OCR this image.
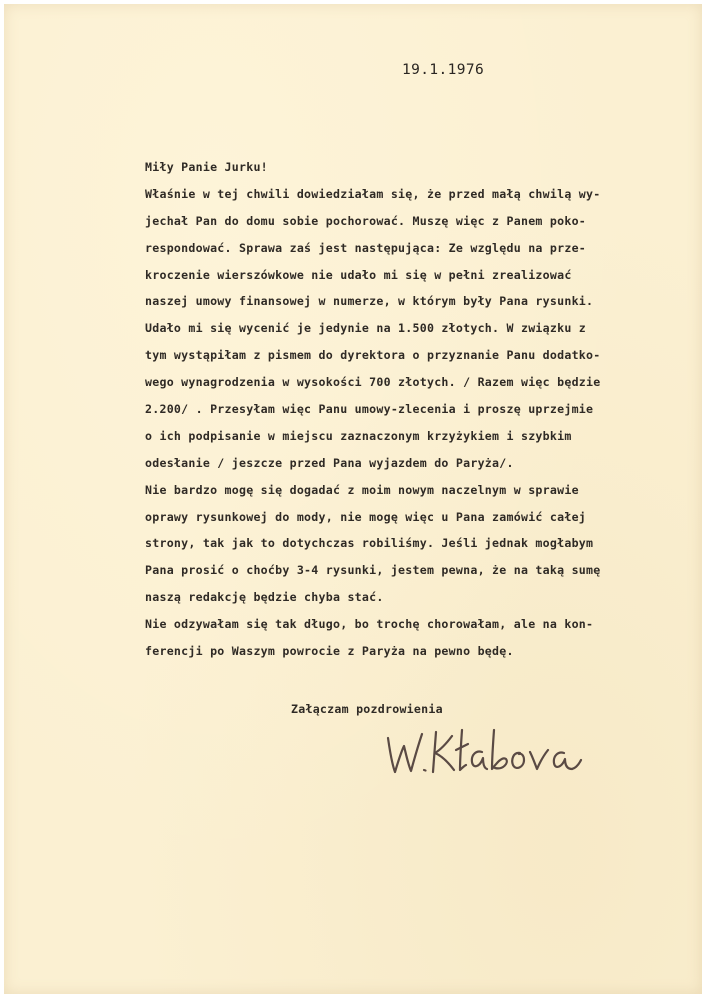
19.1.1976
Miły Panie Jurku!
Właśnie w tej chwili dowiedziałam się, że przed małą chwilą wy-
jechał Pan do domu sobie pochorować. Muszę więc z Panem poko-
respondować. Sprawa zaś jest następująca: Ze względu na prze-
kroczenie wierszówkowe nie udało mi się w pełni zrealizować
naszej umowy finansowej w numerze, w którym były Pana rysunki.
Udało mi się wycenić je jedynie na 1.500 złotych. W związku z
tym wystąpiłam z pismem do dyrektora o przyznanie Panu dodatko-
wego wynagrodzenia w wysokości 700 złotych. / Razem więc będzie
2.200/ . Przesyłam więc Panu umowy-zlecenia i proszę uprzejmie
o ich podpisanie w miejscu zaznaczonym krzyżykiem i szybkim
odesłanie / jeszcze przed Pana wyjazdem do Paryża/.
Nie bardzo mogę się dogadać z moim nowym naczelnym w sprawie
oprawy rysunkowej do mody, nie mogę więc u Pana zamówić całej
strony, tak jak to dotychczas robiliśmy. Jeśli jednak mogłabym
Pana prosić o choćby 3-4 rysunki, jestem pewna, że na taką sumę
naszą redakcję będzie chyba stać.
Nie odzywałam się tak długo, bo trochę chorowałam, ale na kon-
ferencji po Waszym powrocie z Paryża na pewno będę.
Załączam pozdrowienia
